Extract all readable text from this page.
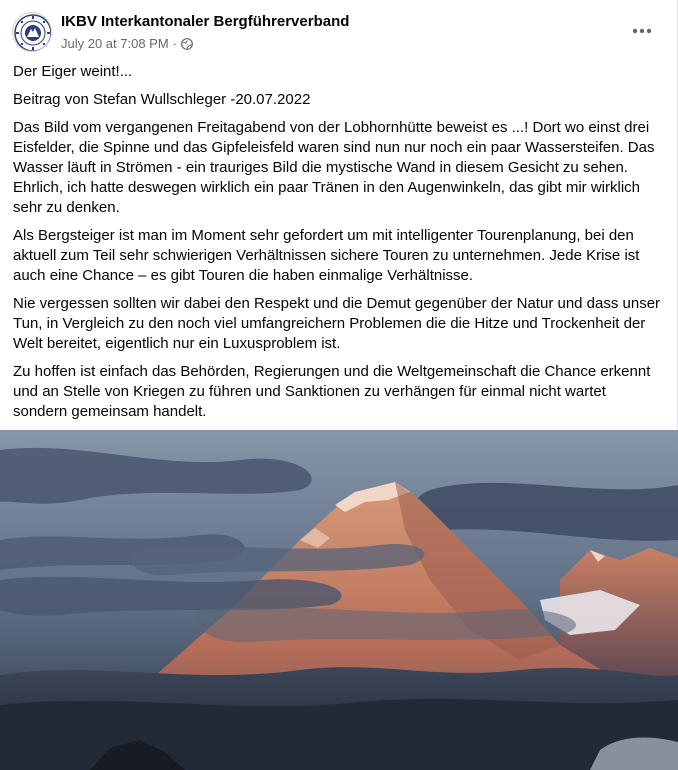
IKBV Interkantonaler Bergführerverband
July 20 at 7:08 PM ·

Der Eiger weint!...

Beitrag von Stefan Wullschleger -20.07.2022

Das Bild vom vergangenen Freitagabend von der Lobhornhütte beweist es ...! Dort wo einst drei Eisfelder, die Spinne und das Gipfeleisfeld waren sind nun nur noch ein paar Wassersteifen. Das Wasser läuft in Strömen - ein trauriges Bild die mystische Wand in diesem Gesicht zu sehen. Ehrlich, ich hatte deswegen wirklich ein paar Tränen in den Augenwinkeln, das gibt mir wirklich sehr zu denken.

Als Bergsteiger ist man im Moment sehr gefordert um mit intelligenter Tourenplanung, bei den aktuell zum Teil sehr schwierigen Verhältnissen sichere Touren zu unternehmen. Jede Krise ist auch eine Chance – es gibt Touren die haben einmalige Verhältnisse.

Nie vergessen sollten wir dabei den Respekt und die Demut gegenüber der Natur und dass unser Tun, in Vergleich zu den noch viel umfangreichern Problemen die die Hitze und Trockenheit der Welt bereitet, eigentlich nur ein Luxusproblem ist.

Zu hoffen ist einfach das Behörden, Regierungen und die Weltgemeinschaft die Chance erkennt und an Stelle von Kriegen zu führen und Sanktionen zu verhängen für einmal nicht wartet sondern gemeinsam handelt.
